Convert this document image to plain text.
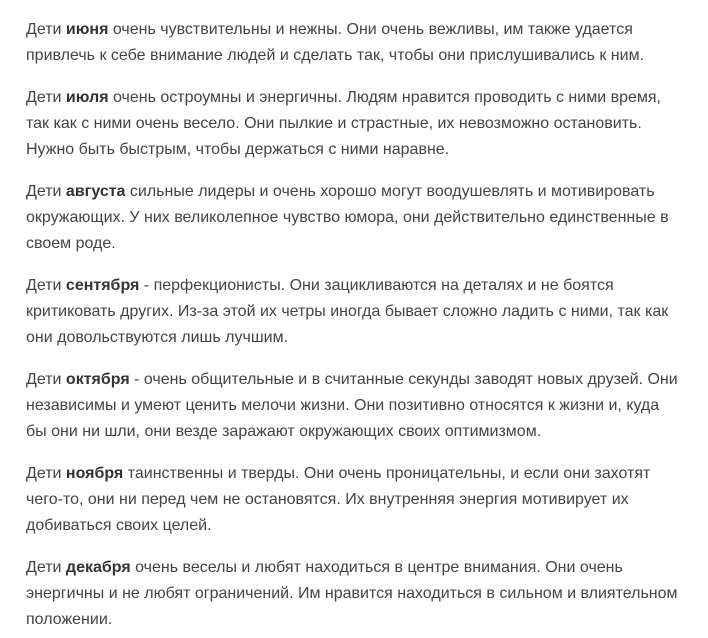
Дети июня очень чувствительны и нежны. Они очень вежливы, им также удается привлечь к себе внимание людей и сделать так, чтобы они прислушивались к ним.

Дети июля очень остроумны и энергичны. Людям нравится проводить с ними время, так как с ними очень весело. Они пылкие и страстные, их невозможно остановить. Нужно быть быстрым, чтобы держаться с ними наравне.

Дети августа сильные лидеры и очень хорошо могут воодушевлять и мотивировать окружающих. У них великолепное чувство юмора, они действительно единственные в своем роде.

Дети сентября - перфекционисты. Они зацикливаются на деталях и не боятся критиковать других. Из-за этой их четры иногда бывает сложно ладить с ними, так как они довольствуются лишь лучшим.

Дети октября - очень общительные и в считанные секунды заводят новых друзей. Они независимы и умеют ценить мелочи жизни. Они позитивно относятся к жизни и, куда бы они ни шли, они везде заражают окружающих своих оптимизмом.

Дети ноября таинственны и тверды. Они очень проницательны, и если они захотят чего-то, они ни перед чем не остановятся. Их внутренняя энергия мотивирует их добиваться своих целей.

Дети декабря очень веселы и любят находиться в центре внимания. Они очень энергичны и не любят ограничений. Им нравится находиться в сильном и влиятельном положении.
